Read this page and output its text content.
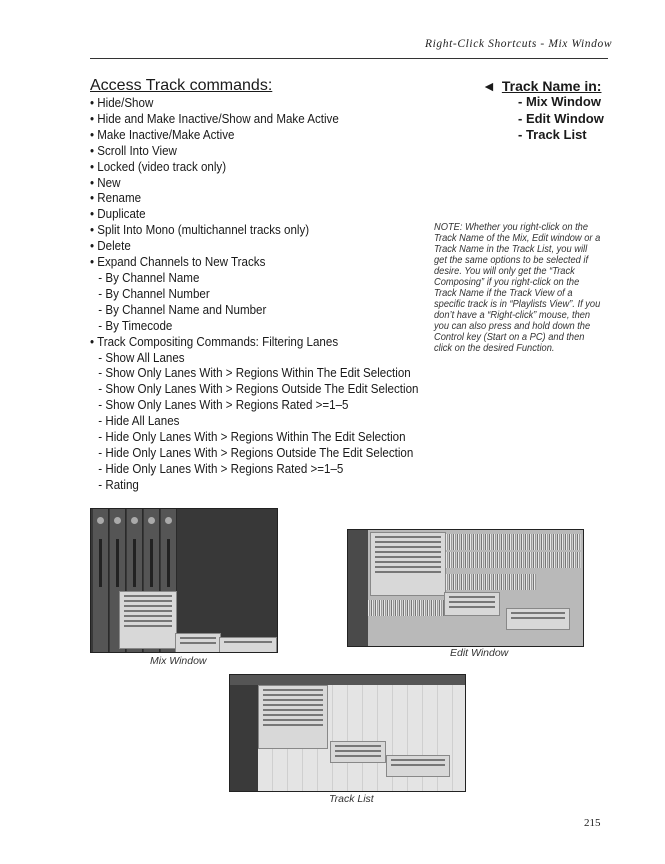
Right-Click Shortcuts - Mix Window
Access Track commands:
• Hide/Show
• Hide and Make Inactive/Show and Make Active
• Make Inactive/Make Active
• Scroll Into View
• Locked (video track only)
• New
• Rename
• Duplicate
• Split Into Mono (multichannel tracks only)
• Delete
• Expand Channels to New Tracks
- By Channel Name
- By Channel Number
- By Channel Name and Number
- By Timecode
• Track Compositing Commands: Filtering Lanes
- Show All Lanes
- Show Only Lanes With > Regions Within The Edit Selection
- Show Only Lanes With > Regions Outside The Edit Selection
- Show Only Lanes With > Regions Rated >=1–5
- Hide All Lanes
- Hide Only Lanes With > Regions Within The Edit Selection
- Hide Only Lanes With > Regions Outside The Edit Selection
- Hide Only Lanes With > Regions Rated >=1–5
- Rating
◄ Track Name in:
- Mix Window
- Edit Window
- Track List
NOTE: Whether you right-click on the Track Name of the Mix, Edit window or a Track Name in the Track List, you will get the same options to be selected if desire. You will only get the “Track Composing” if you right-click on the Track Name if the Track View of a specific track is in “Playlists View”. If you don’t have a “Right-click” mouse, then you can also press and hold down the Control key (Start on a PC) and then click on the desired Function.
Mix Window
Edit Window
Track List
215
